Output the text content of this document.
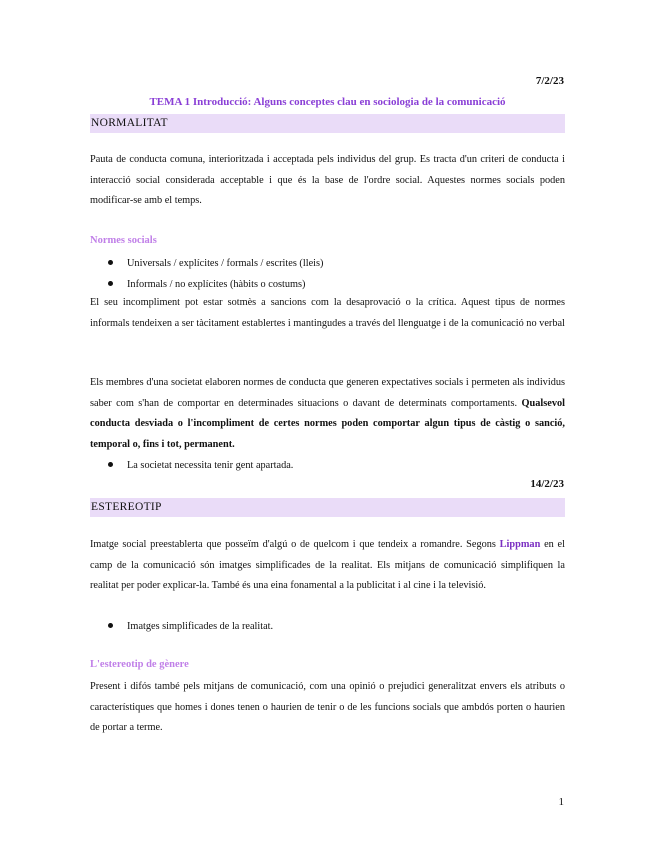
7/2/23
TEMA 1 Introducció: Alguns conceptes clau en sociologia de la comunicació
NORMALITAT
Pauta de conducta comuna, interioritzada i acceptada pels individus del grup. Es tracta d'un criteri de conducta i interacció social considerada acceptable i que és la base de l'ordre social. Aquestes normes socials poden modificar-se amb el temps.
Normes socials
Universals / explícites / formals / escrites (lleis)
Informals / no explícites (hàbits o costums)
El seu incompliment pot estar sotmès a sancions com la desaprovació o la crítica. Aquest tipus de normes informals tendeixen a ser tàcitament establertes i mantingudes a través del llenguatge i de la comunicació no verbal
Els membres d'una societat elaboren normes de conducta que generen expectatives socials i permeten als individus saber com s'han de comportar en determinades situacions o davant de determinats comportaments. Qualsevol conducta desviada o l'incompliment de certes normes poden comportar algun tipus de càstig o sanció, temporal o, fins i tot, permanent.
La societat necessita tenir gent apartada.
14/2/23
ESTEREOTIP
Imatge social preestablerta que posseïm d'algú o de quelcom i que tendeix a romandre. Segons Lippman en el camp de la comunicació són imatges simplificades de la realitat. Els mitjans de comunicació simplifiquen la realitat per poder explicar-la. També és una eina fonamental a la publicitat i al cine i la televisió.
Imatges simplificades de la realitat.
L'estereotip de gènere
Present i difós també pels mitjans de comunicació, com una opinió o prejudici generalitzat envers els atributs o característiques que homes i dones tenen o haurien de tenir o de les funcions socials que ambdós porten o haurien de portar a terme.
1
